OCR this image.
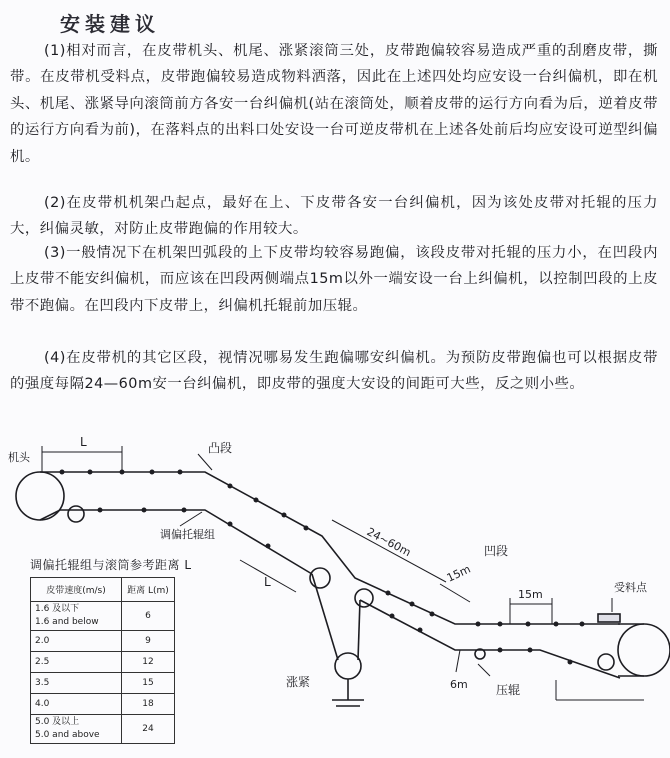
安装建议

(1)相对而言，在皮带机头、机尾、涨紧滚筒三处，皮带跑偏较容易造成严重的刮磨皮带，撕带。在皮带机受料点，皮带跑偏较易造成物料洒落，因此在上述四处均应安设一台纠偏机，即在机头、机尾、涨紧导向滚筒前方各安一台纠偏机(站在滚筒处，顺着皮带的运行方向看为后，逆着皮带的运行方向看为前)，在落料点的出料口处安设一台可逆皮带机在上述各处前后均应安设可逆型纠偏机。

(2)在皮带机机架凸起点，最好在上、下皮带各安一台纠偏机，因为该处皮带对托辊的压力大，纠偏灵敏，对防止皮带跑偏的作用较大。

(3)一般情况下在机架凹弧段的上下皮带均较容易跑偏，该段皮带对托辊的压力小，在凹段内上皮带不能安纠偏机，而应该在凹段两侧端点15m以外一端安设一台上纠偏机，以控制凹段的上皮带不跑偏。在凹段内下皮带上，纠偏机托辊前加压辊。

(4)在皮带机的其它区段，视情况哪易发生跑偏哪安纠偏机。为预防皮带跑偏也可以根据皮带的强度每隔24—60m安一台纠偏机，即皮带的强度大安设的间距可大些，反之则小些。

机头
L	凸段
调偏托辊组	24~60m	凹段
L	15m
15m
受料点
涨紧	6m 压辊
调偏托辊组与滚筒参考距离 L
皮带速度(m/s)	距离 L(m)

1.6 及以下
1.6 and below	6
2.0	9
2.5	12
3.5	15
4.0	18

5.0 及以上
5.0 and above	24
